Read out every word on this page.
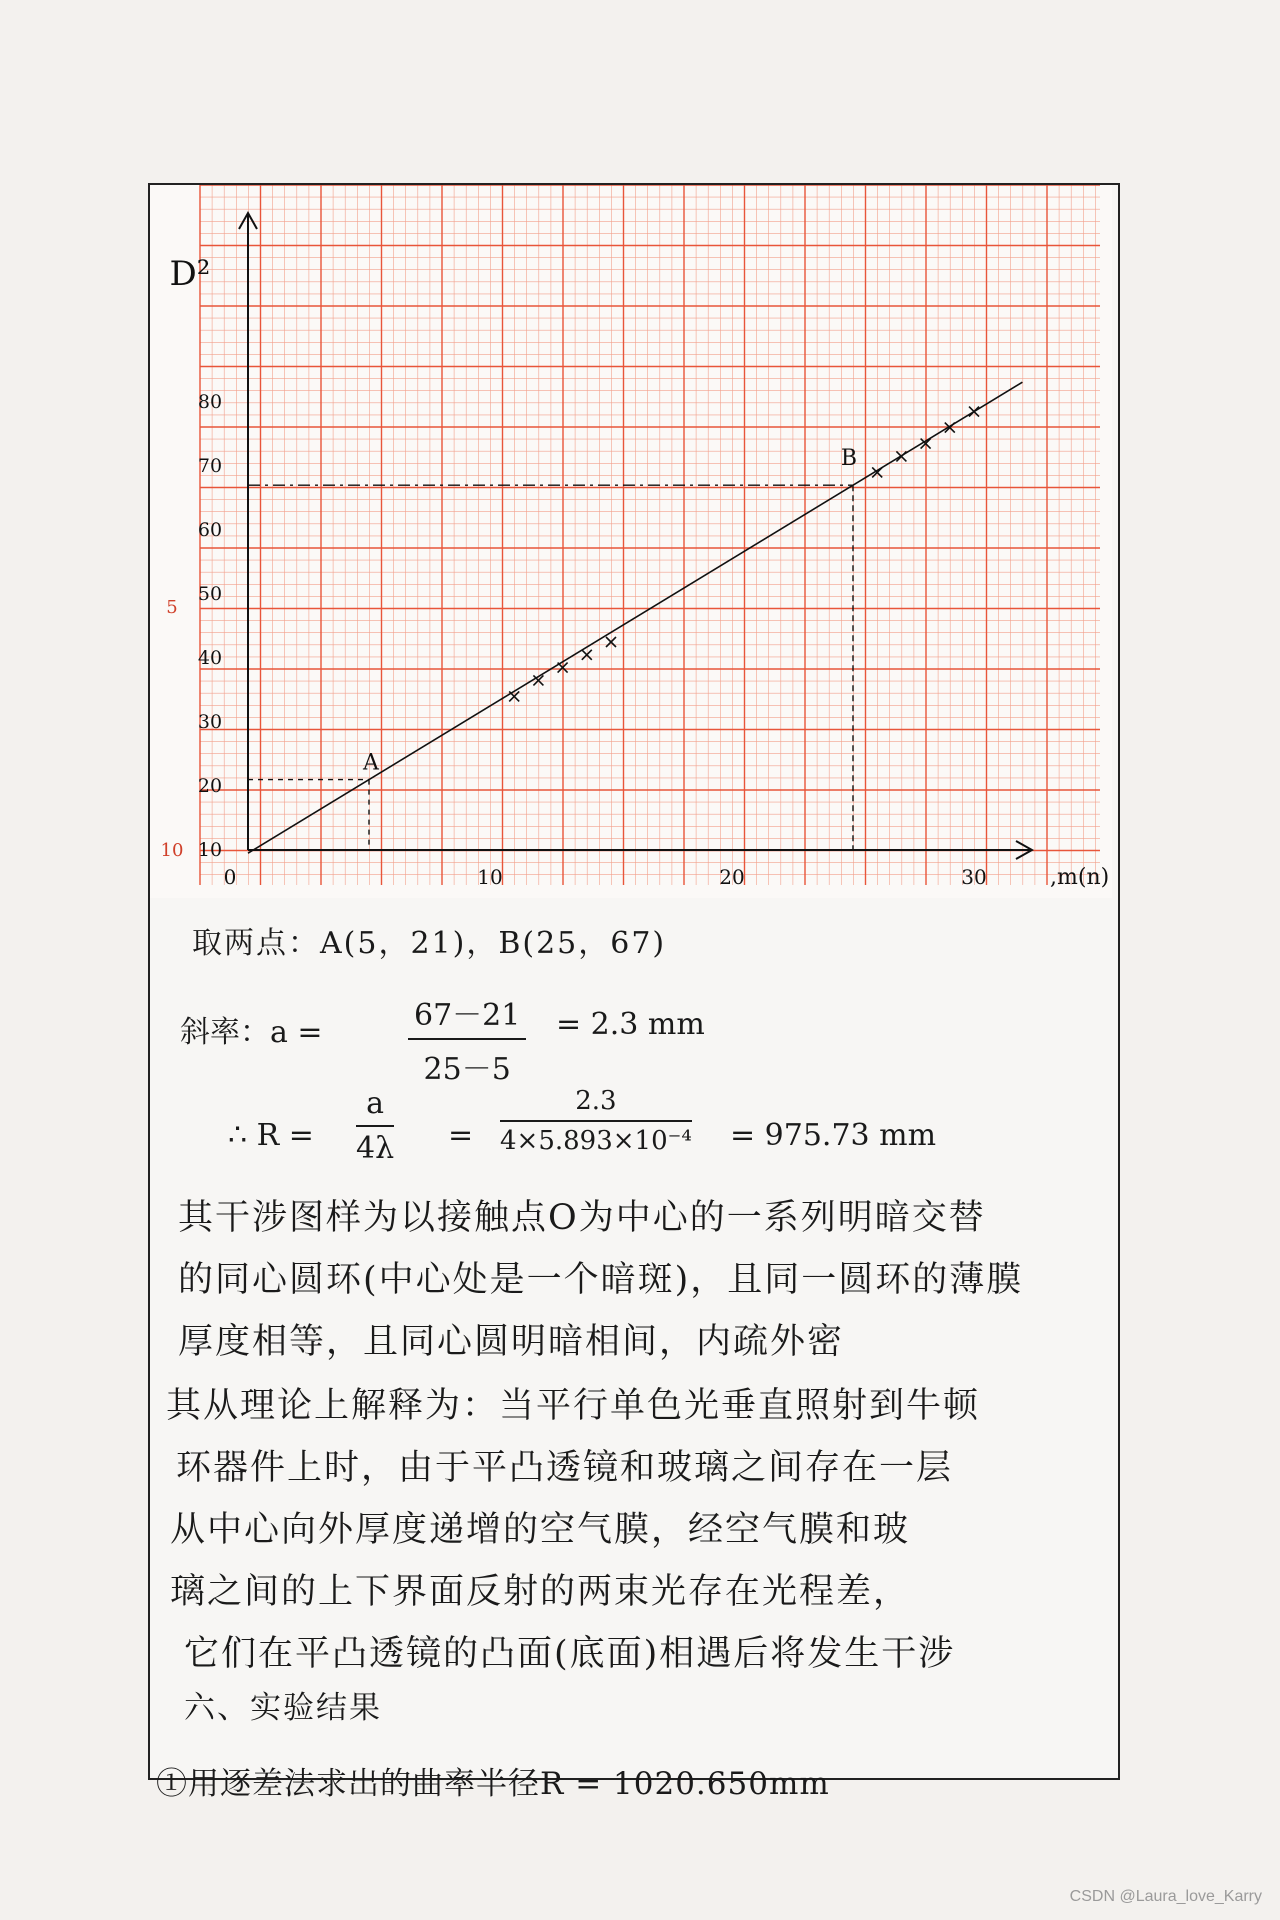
10
20
30
40
50
60
70
80
10	20	30
0
5
10
D²
,m(n)
A
B
取两点：A(5，21)，B(25，67)
斜率：a =	$\frac{67-21}{25-5} = 2.3$ mm
∴ $R = \frac{a}{4\lambda} = \frac{2.3}{\text{4×5.893×10⁻⁴}} = 975.73$ mm
其干涉图样为以接触点O为中心的一系列明暗交替
的同心圆环(中心处是一个暗斑)，且同一圆环的薄膜
厚度相等，且同心圆明暗相间，内疏外密
其从理论上解释为：当平行单色光垂直照射到牛顿
环器件上时，由于平凸透镜和玻璃之间存在一层
从中心向外厚度递增的空气膜，经空气膜和玻
璃之间的上下界面反射的两束光存在光程差，
它们在平凸透镜的凸面(底面)相遇后将发生干涉
六、实验结果
①用逐差法求出的曲率半径R = 1020.650mm
CSDN @Laura_love_Karry
